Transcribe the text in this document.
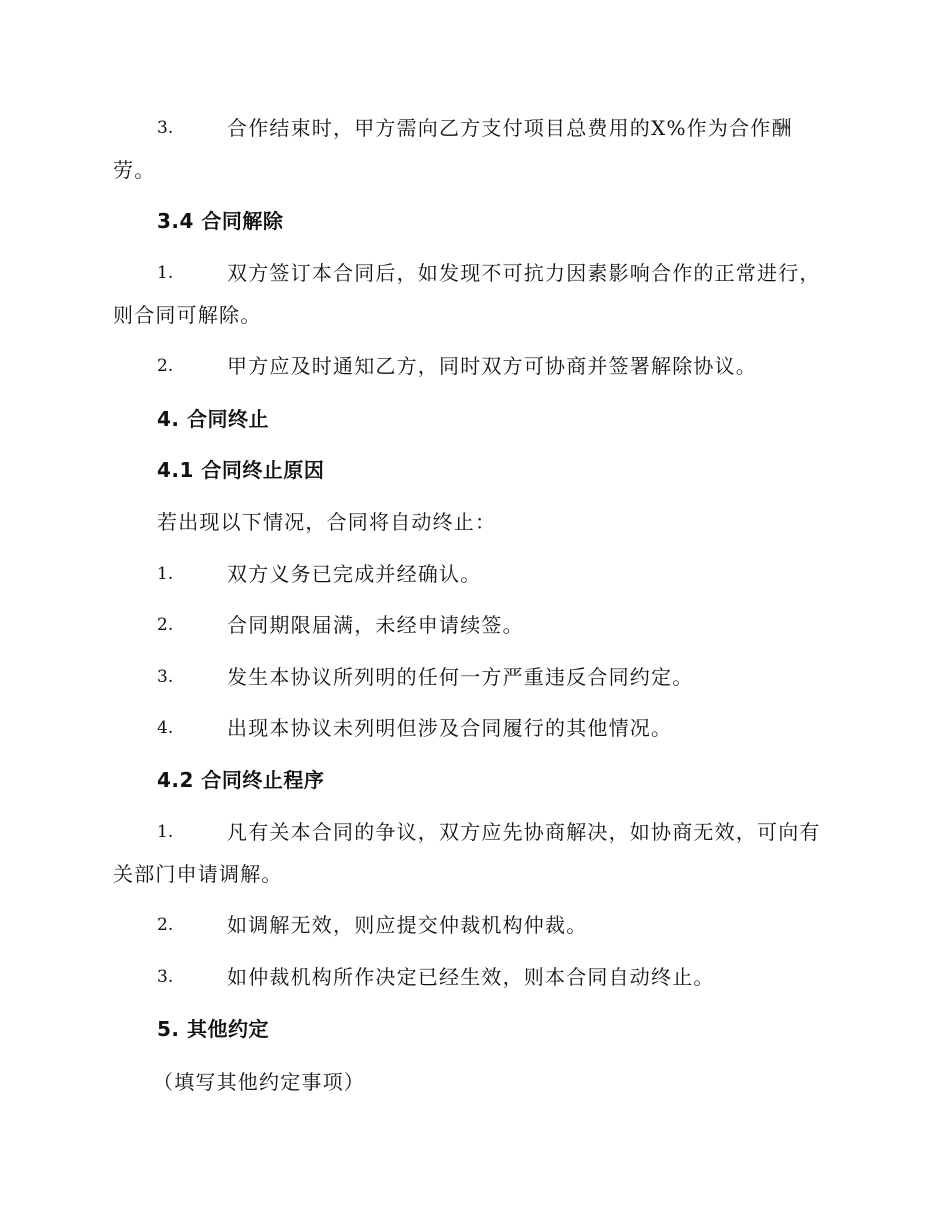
3.	合作结束时，甲方需向乙方支付项目总费用的X%作为合作酬
劳。
3.4 合同解除
1.	双方签订本合同后，如发现不可抗力因素影响合作的正常进行，
则合同可解除。
2.	甲方应及时通知乙方，同时双方可协商并签署解除协议。
4. 合同终止
4.1 合同终止原因
若出现以下情况，合同将自动终止：
1.	双方义务已完成并经确认。
2.	合同期限届满，未经申请续签。
3.	发生本协议所列明的任何一方严重违反合同约定。
4.	出现本协议未列明但涉及合同履行的其他情况。
4.2 合同终止程序
1.	凡有关本合同的争议，双方应先协商解决，如协商无效，可向有
关部门申请调解。
2.	如调解无效，则应提交仲裁机构仲裁。
3.	如仲裁机构所作决定已经生效，则本合同自动终止。
5. 其他约定
（填写其他约定事项）
